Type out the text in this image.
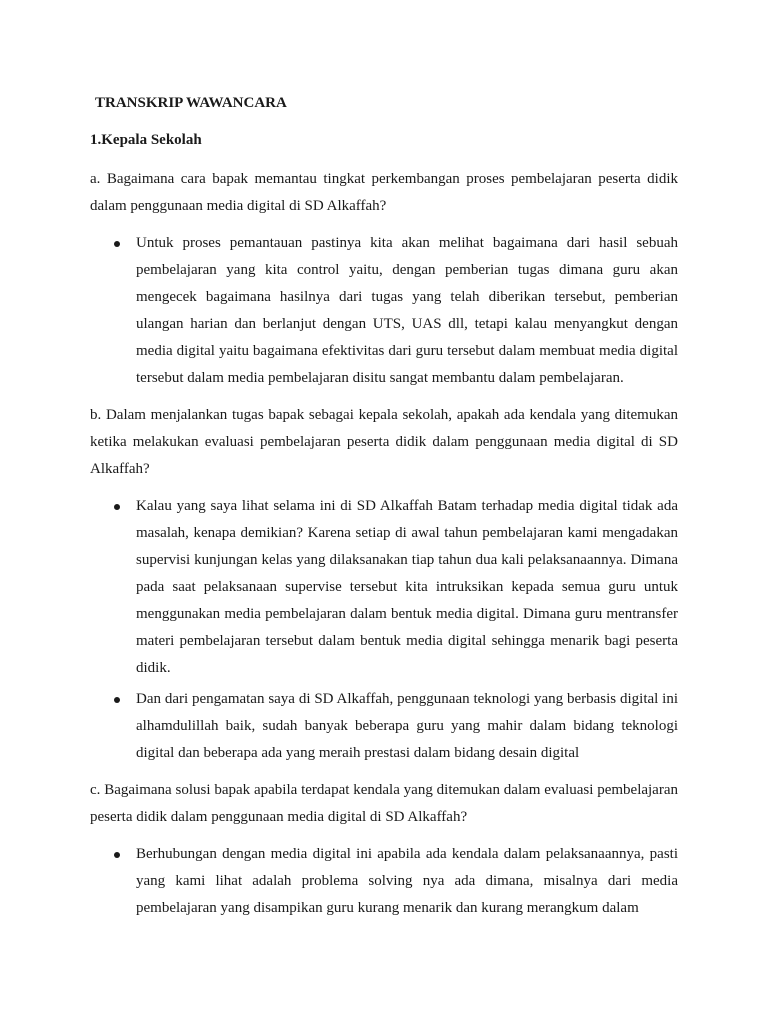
TRANSKRIP WAWANCARA
1.Kepala Sekolah
a. Bagaimana cara bapak memantau tingkat perkembangan proses pembelajaran peserta didik dalam penggunaan media digital di SD Alkaffah?
Untuk proses pemantauan pastinya kita akan melihat bagaimana dari hasil sebuah pembelajaran yang kita control yaitu, dengan pemberian tugas dimana guru akan mengecek bagaimana hasilnya dari tugas yang telah diberikan tersebut, pemberian ulangan harian dan berlanjut dengan UTS, UAS dll, tetapi kalau menyangkut dengan media digital yaitu bagaimana efektivitas dari guru tersebut dalam membuat media digital tersebut dalam media pembelajaran disitu sangat membantu dalam pembelajaran.
b. Dalam menjalankan tugas bapak sebagai kepala sekolah, apakah ada kendala yang ditemukan ketika melakukan evaluasi pembelajaran peserta didik dalam penggunaan media digital di SD Alkaffah?
Kalau yang saya lihat selama ini di SD Alkaffah Batam terhadap media digital tidak ada masalah, kenapa demikian? Karena setiap di awal tahun pembelajaran kami mengadakan supervisi kunjungan kelas yang dilaksanakan tiap tahun dua kali pelaksanaannya. Dimana pada saat pelaksanaan supervise tersebut kita intruksikan kepada semua guru untuk menggunakan media pembelajaran dalam bentuk media digital. Dimana guru mentransfer materi pembelajaran tersebut dalam bentuk media digital sehingga menarik bagi peserta didik.
Dan dari pengamatan saya di SD Alkaffah, penggunaan teknologi yang berbasis digital ini alhamdulillah baik, sudah banyak beberapa guru yang mahir dalam bidang teknologi digital dan beberapa ada yang meraih prestasi dalam bidang desain digital
c. Bagaimana solusi bapak apabila terdapat kendala yang ditemukan dalam evaluasi pembelajaran peserta didik dalam penggunaan media digital di SD Alkaffah?
Berhubungan dengan media digital ini apabila ada kendala dalam pelaksanaannya, pasti yang kami lihat adalah problema solving nya ada dimana, misalnya dari media pembelajaran yang disampikan guru kurang menarik dan kurang merangkum dalam
